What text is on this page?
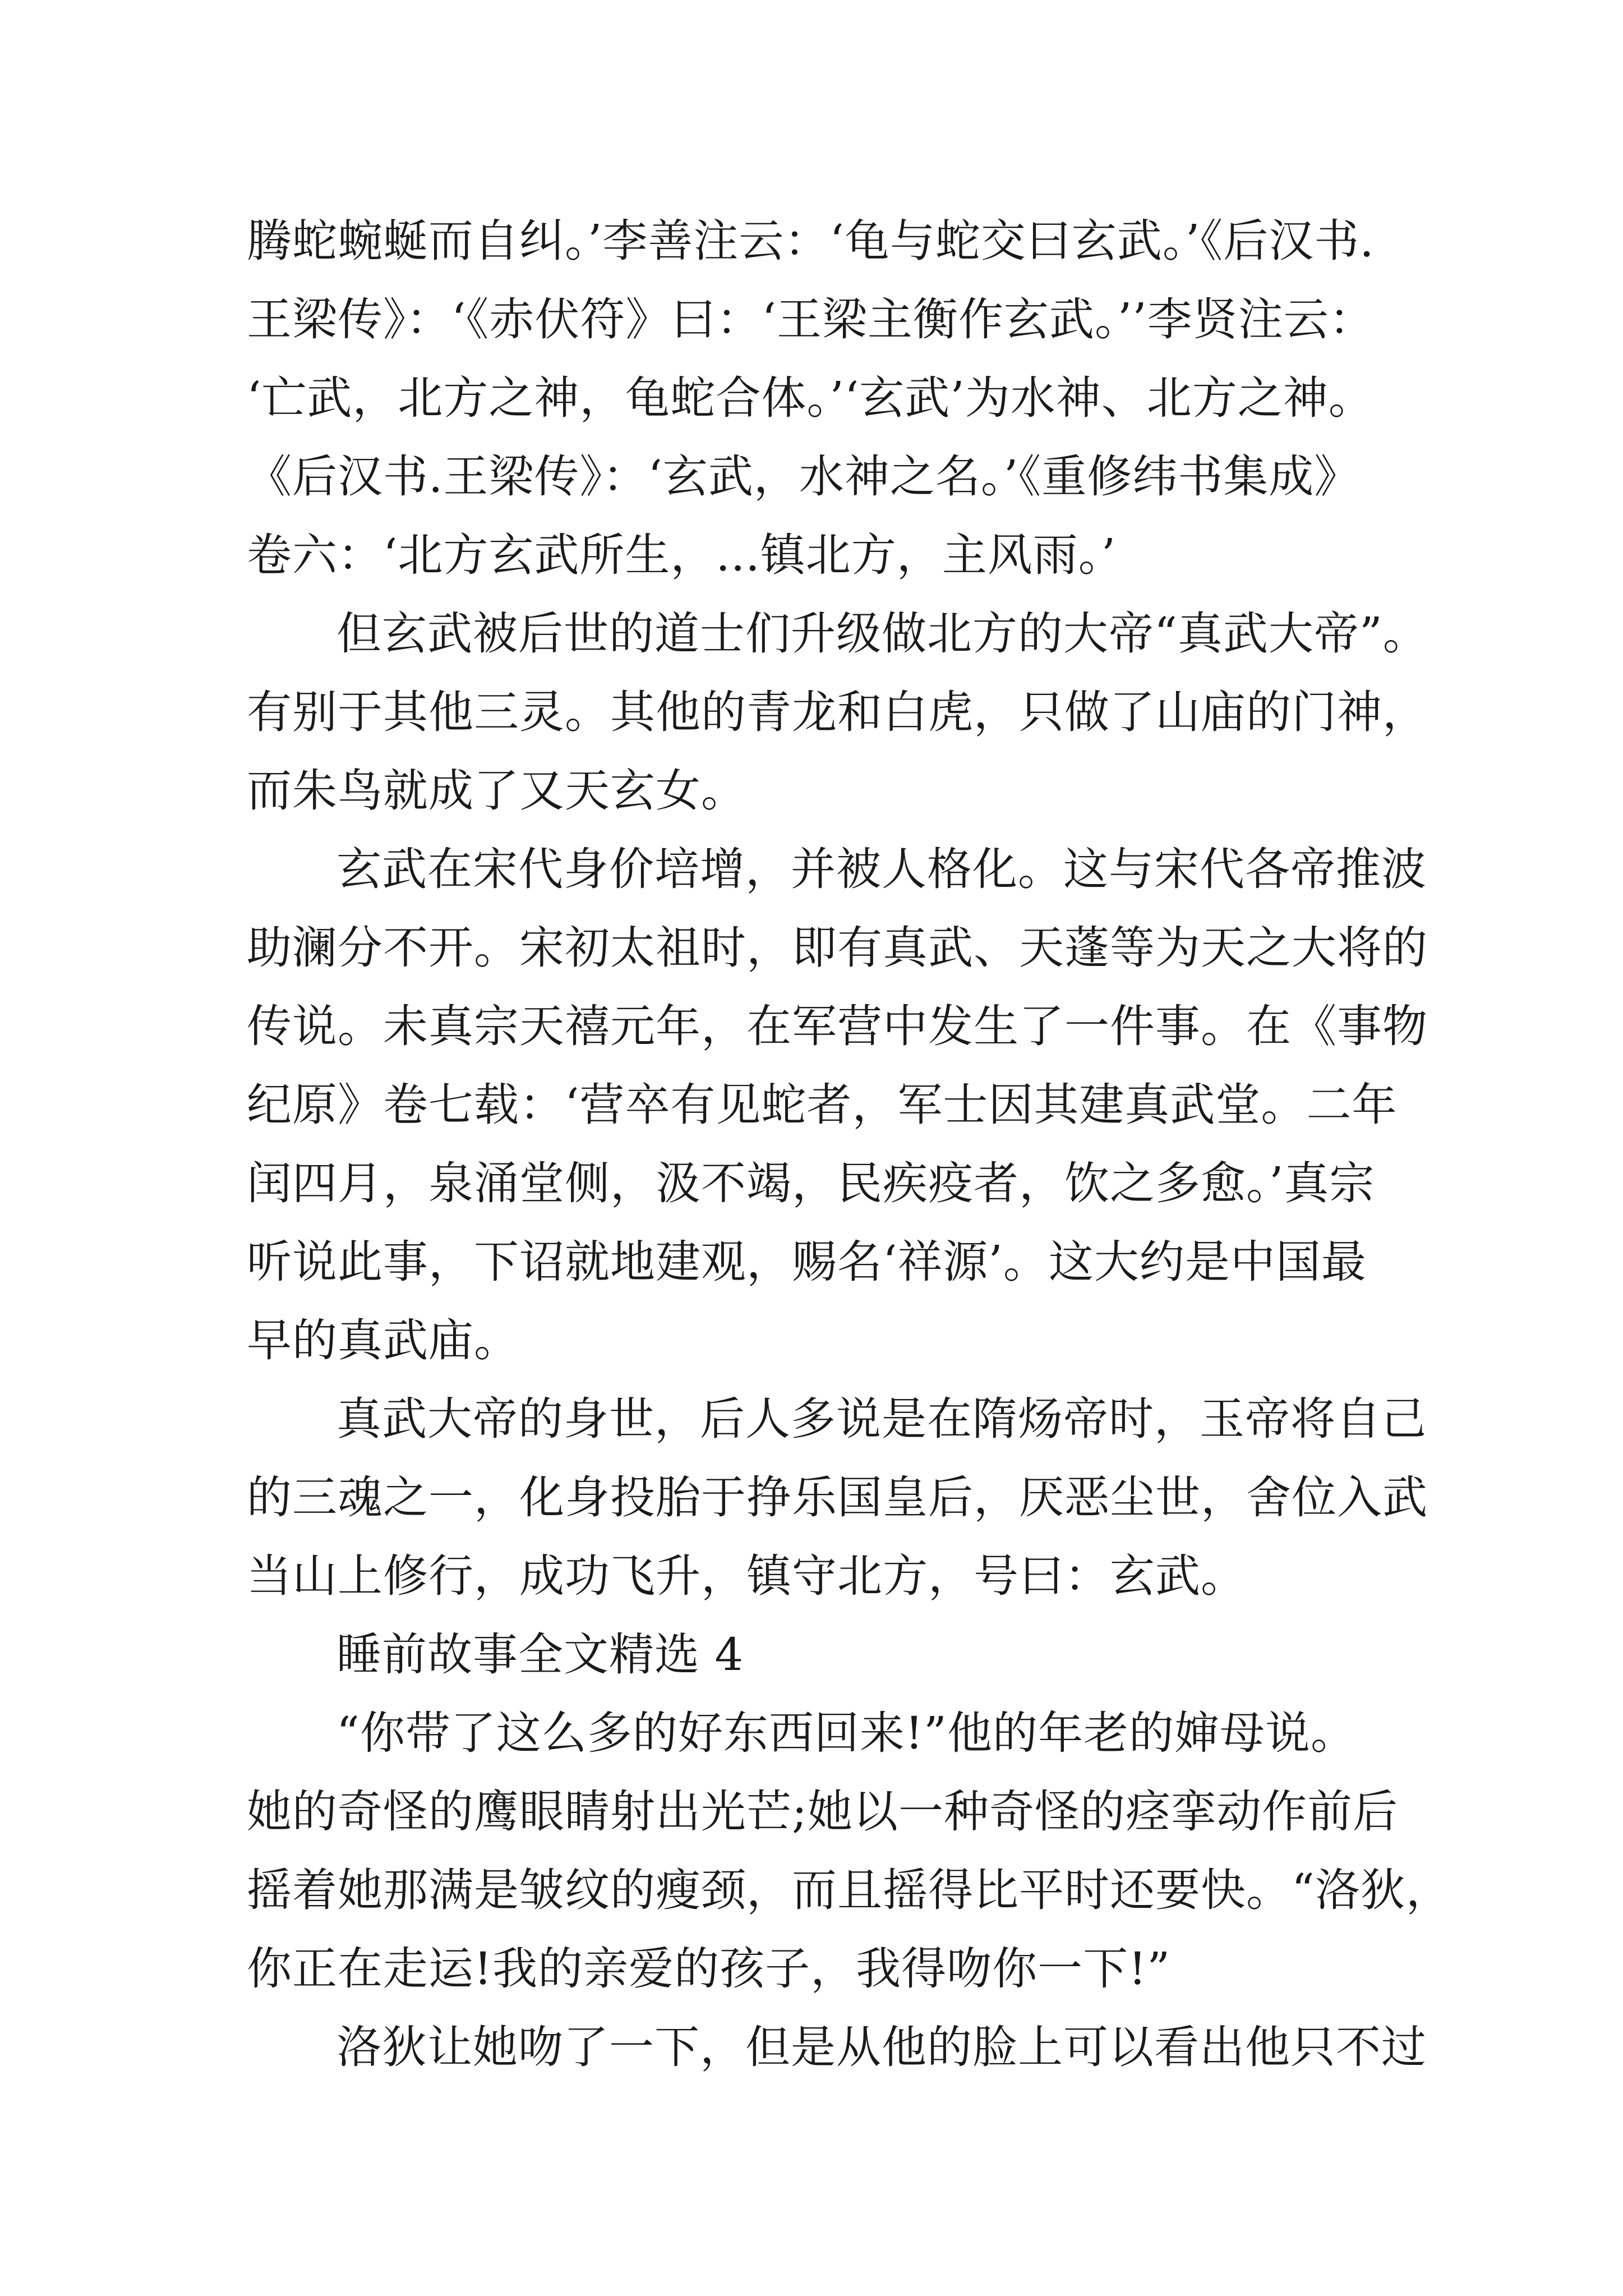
腾蛇蜿蜒而自纠。’李善注云：‘龟与蛇交曰玄武。’《后汉书.
王梁传》：‘《赤伏符》曰：‘王梁主衡作玄武。’’李贤注云：
‘亡武，北方之神，龟蛇合体。’‘玄武’为水神、北方之神。
《后汉书.王梁传》：‘玄武，水神之名。’《重修纬书集成》
卷六：‘北方玄武所生，...镇北方，主风雨。’
但玄武被后世的道士们升级做北方的大帝“真武大帝”。
有别于其他三灵。其他的青龙和白虎，只做了山庙的门神，
而朱鸟就成了又天玄女。
玄武在宋代身价培增，并被人格化。这与宋代各帝推波
助澜分不开。宋初太祖时，即有真武、天蓬等为天之大将的
传说。未真宗天禧元年，在军营中发生了一件事。在《事物
纪原》卷七载：‘营卒有见蛇者，军士因其建真武堂。二年
闰四月，泉涌堂侧，汲不竭，民疾疫者，饮之多愈。’真宗
听说此事，下诏就地建观，赐名‘祥源’。这大约是中国最
早的真武庙。
真武大帝的身世，后人多说是在隋炀帝时，玉帝将自己
的三魂之一，化身投胎于挣乐国皇后，厌恶尘世，舍位入武
当山上修行，成功飞升，镇守北方，号曰：玄武。
睡前故事全文精选 4
“你带了这么多的好东西回来!”他的年老的婶母说。
她的奇怪的鹰眼睛射出光芒;她以一种奇怪的痉挛动作前后
摇着她那满是皱纹的瘦颈，而且摇得比平时还要快。“洛狄，
你正在走运!我的亲爱的孩子，我得吻你一下!”
洛狄让她吻了一下，但是从他的脸上可以看出他只不过
